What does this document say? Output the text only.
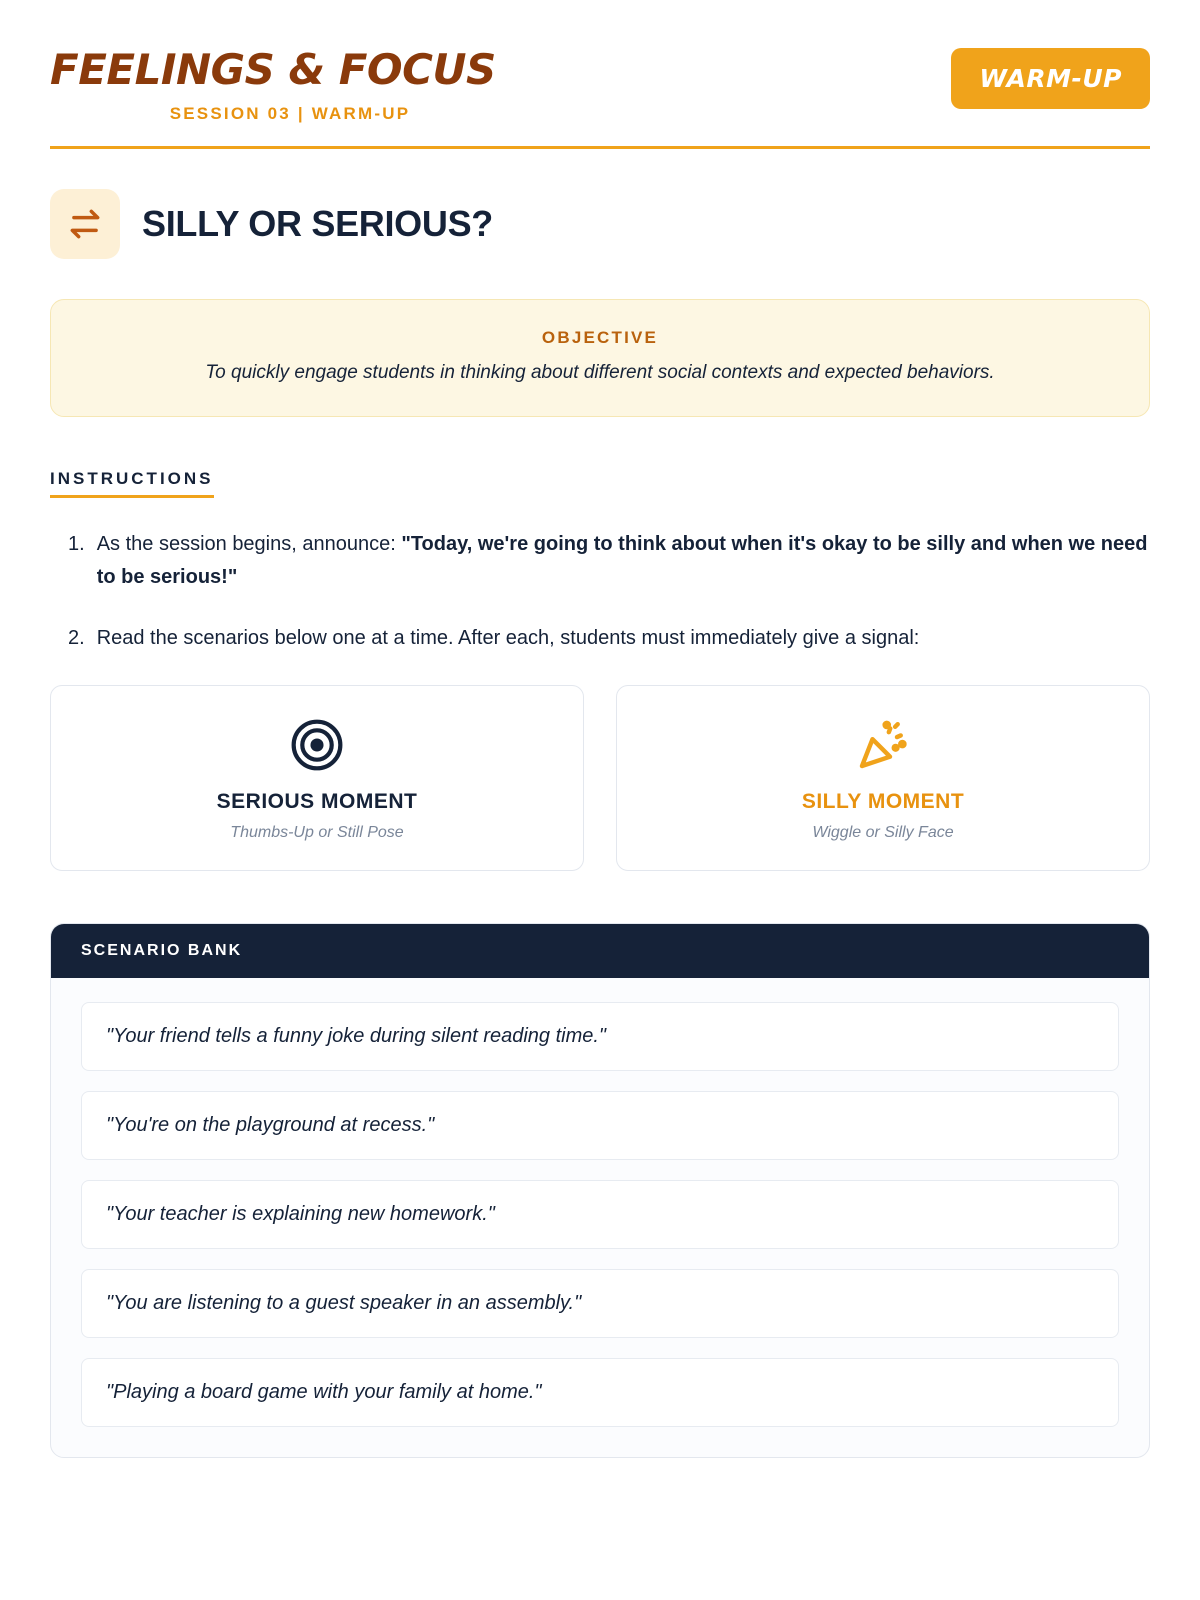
FEELINGS & FOCUS
SESSION 03 | WARM-UP
WARM-UP
SILLY OR SERIOUS?
OBJECTIVE
To quickly engage students in thinking about different social contexts and expected behaviors.
INSTRUCTIONS
1. As the session begins, announce: "Today, we're going to think about when it's okay to be silly and when we need to be serious!"
2. Read the scenarios below one at a time. After each, students must immediately give a signal:
SERIOUS MOMENT
Thumbs-Up or Still Pose
SILLY MOMENT
Wiggle or Silly Face
SCENARIO BANK
"Your friend tells a funny joke during silent reading time."
"You're on the playground at recess."
"Your teacher is explaining new homework."
"You are listening to a guest speaker in an assembly."
"Playing a board game with your family at home."
